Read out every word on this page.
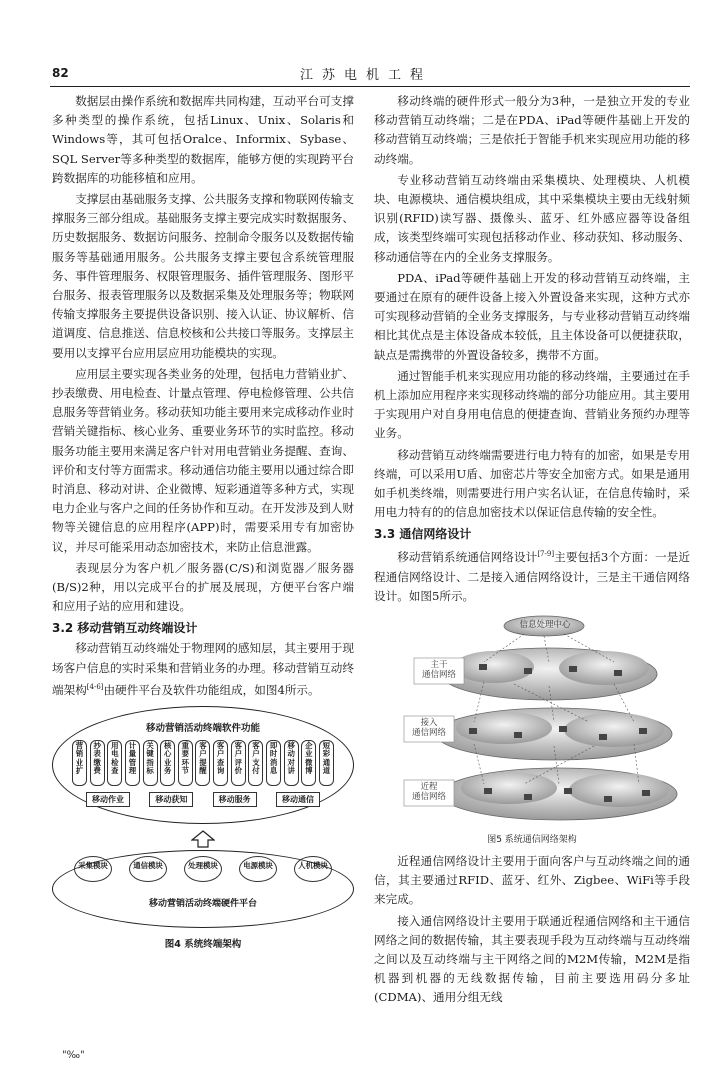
82	江苏电机工程

数据层由操作系统和数据库共同构建，互动平台可支撑多种类型的操作系统，包括Linux、Unix、Solaris和Windows等，其可包括Oralce、Informix、Sybase、SQL Server等多种类型的数据库，能够方便的实现跨平台跨数据库的功能移植和应用。

支撑层由基础服务支撑、公共服务支撑和物联网传输支撑服务三部分组成。基础服务支撑主要完成实时数据服务、历史数据服务、数据访问服务、控制命令服务以及数据传输服务等基础通用服务。公共服务支撑主要包含系统管理服务、事件管理服务、权限管理服务、插件管理服务、图形平台服务、报表管理服务以及数据采集及处理服务等；物联网传输支撑服务主要提供设备识别、接入认证、协议解析、信道调度、信息推送、信息校核和公共接口等服务。支撑层主要用以支撑平台应用层应用功能模块的实现。

应用层主要实现各类业务的处理，包括电力营销业扩、抄表缴费、用电检查、计量点管理、停电检修管理、公共信息服务等营销业务。移动获知功能主要用来完成移动作业时营销关键指标、核心业务、重要业务环节的实时监控。移动服务功能主要用来满足客户针对用电营销业务提醒、查询、评价和支付等方面需求。移动通信功能主要用以通过综合即时消息、移动对讲、企业微博、短彩通道等多种方式，实现电力企业与客户之间的任务协作和互动。在开发涉及到人财物等关键信息的应用程序(APP)时，需要采用专有加密协议，并尽可能采用动态加密技术，来防止信息泄露。

表现层分为客户机／服务器(C/S)和浏览器／服务器(B/S)2种，用以完成平台的扩展及展现，方便平台客户端和应用子站的应用和建设。

3.2 移动营销互动终端设计

移动营销互动终端处于物理网的感知层，其主要用于现场客户信息的实时采集和营销业务的办理。移动营销互动终端架构[4-6]由硬件平台及软件功能组成，如图4所示。

移动营销活动终端软件功能
营销业扩
抄表缴费
用电检查
计量管理
关键指标
核心业务
重要环节
客户提醒
客户查询
客户评价
客户支付
即时消息
移动对讲
企业微博
短彩通道
移动作业	移动获知	移动服务	移动通信
采集模块	通信模块	处理模块	电源模块	人机模块
移动营销活动终端硬件平台
图4 系统终端架构

移动终端的硬件形式一般分为3种，一是独立开发的专业移动营销互动终端；二是在PDA、iPad等硬件基础上开发的移动营销互动终端；三是依托于智能手机来实现应用功能的移动终端。

专业移动营销互动终端由采集模块、处理模块、人机模块、电源模块、通信模块组成，其中采集模块主要由无线射频识别(RFID)读写器、摄像头、蓝牙、红外感应器等设备组成，该类型终端可实现包括移动作业、移动获知、移动服务、移动通信等在内的全业务支撑服务。

PDA、iPad等硬件基础上开发的移动营销互动终端，主要通过在原有的硬件设备上接入外置设备来实现，这种方式亦可实现移动营销的全业务支撑服务，与专业移动营销互动终端相比其优点是主体设备成本较低，且主体设备可以便捷获取，缺点是需携带的外置设备较多，携带不方面。

通过智能手机来实现应用功能的移动终端，主要通过在手机上添加应用程序来实现移动终端的部分功能应用。其主要用于实现用户对自身用电信息的便捷查询、营销业务预约办理等业务。

移动营销互动终端需要进行电力特有的加密，如果是专用终端，可以采用U盾、加密芯片等安全加密方式。如果是通用如手机类终端，则需要进行用户实名认证，在信息传输时，采用电力特有的的信息加密技术以保证信息传输的安全性。

3.3 通信网络设计

移动营销系统通信网络设计[7-9]主要包括3个方面：一是近程通信网络设计、二是接入通信网络设计，三是主干通信网络设计。如图5所示。

信息处理中心
主干
通信网络
接入
通信网络
近程
通信网络
图5 系统通信网络架构

近程通信网络设计主要用于面向客户与互动终端之间的通信，其主要通过RFID、蓝牙、红外、Zigbee、WiFi等手段来完成。

接入通信网络设计主要用于联通近程通信网络和主干通信网络之间的数据传输，其主要表现手段为互动终端与互动终端之间以及互动终端与主干网络之间的M2M传输，M2M是指机器到机器的无线数据传输，目前主要选用码分多址(CDMA)、通用分组无线

"‰"
